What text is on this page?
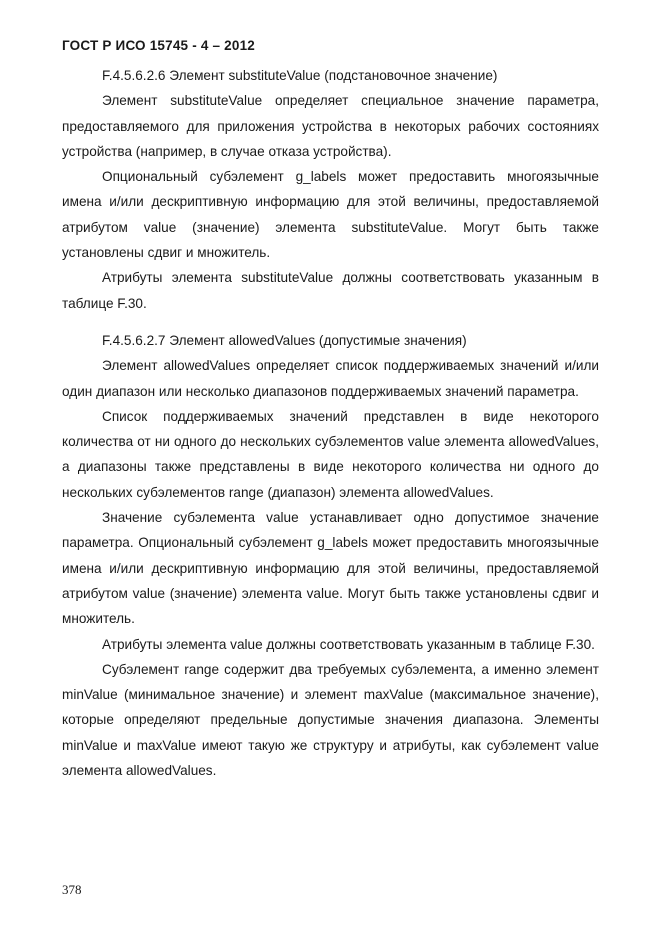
ГОСТ Р ИСО 15745 - 4 – 2012

F.4.5.6.2.6 Элемент substituteValue (подстановочное значение)

Элемент substituteValue определяет специальное значение параметра, предоставляемого для приложения устройства в некоторых рабочих состояниях устройства (например, в случае отказа устройства).

Опциональный субэлемент g_labels может предоставить многоязычные имена и/или дескриптивную информацию для этой величины, предоставляемой атрибутом value (значение) элемента substituteValue. Могут быть также установлены сдвиг и множитель.

Атрибуты элемента substituteValue должны соответствовать указанным в таблице F.30.

F.4.5.6.2.7 Элемент allowedValues (допустимые значения)

Элемент allowedValues определяет список поддерживаемых значений и/или один диапазон или несколько диапазонов поддерживаемых значений параметра.

Список поддерживаемых значений представлен в виде некоторого количества от ни одного до нескольких субэлементов value элемента allowedValues, а диапазоны также представлены в виде некоторого количества ни одного до нескольких субэлементов range (диапазон) элемента allowedValues.

Значение субэлемента value устанавливает одно допустимое значение параметра. Опциональный субэлемент g_labels может предоставить многоязычные имена и/или дескриптивную информацию для этой величины, предоставляемой атрибутом value (значение) элемента value. Могут быть также установлены сдвиг и множитель.

Атрибуты элемента value должны соответствовать указанным в таблице F.30.

Субэлемент range содержит два требуемых субэлемента, а именно элемент minValue (минимальное значение) и элемент maxValue (максимальное значение), которые определяют предельные допустимые значения диапазона. Элементы minValue и maxValue имеют такую же структуру и атрибуты, как субэлемент value элемента allowedValues.

378
